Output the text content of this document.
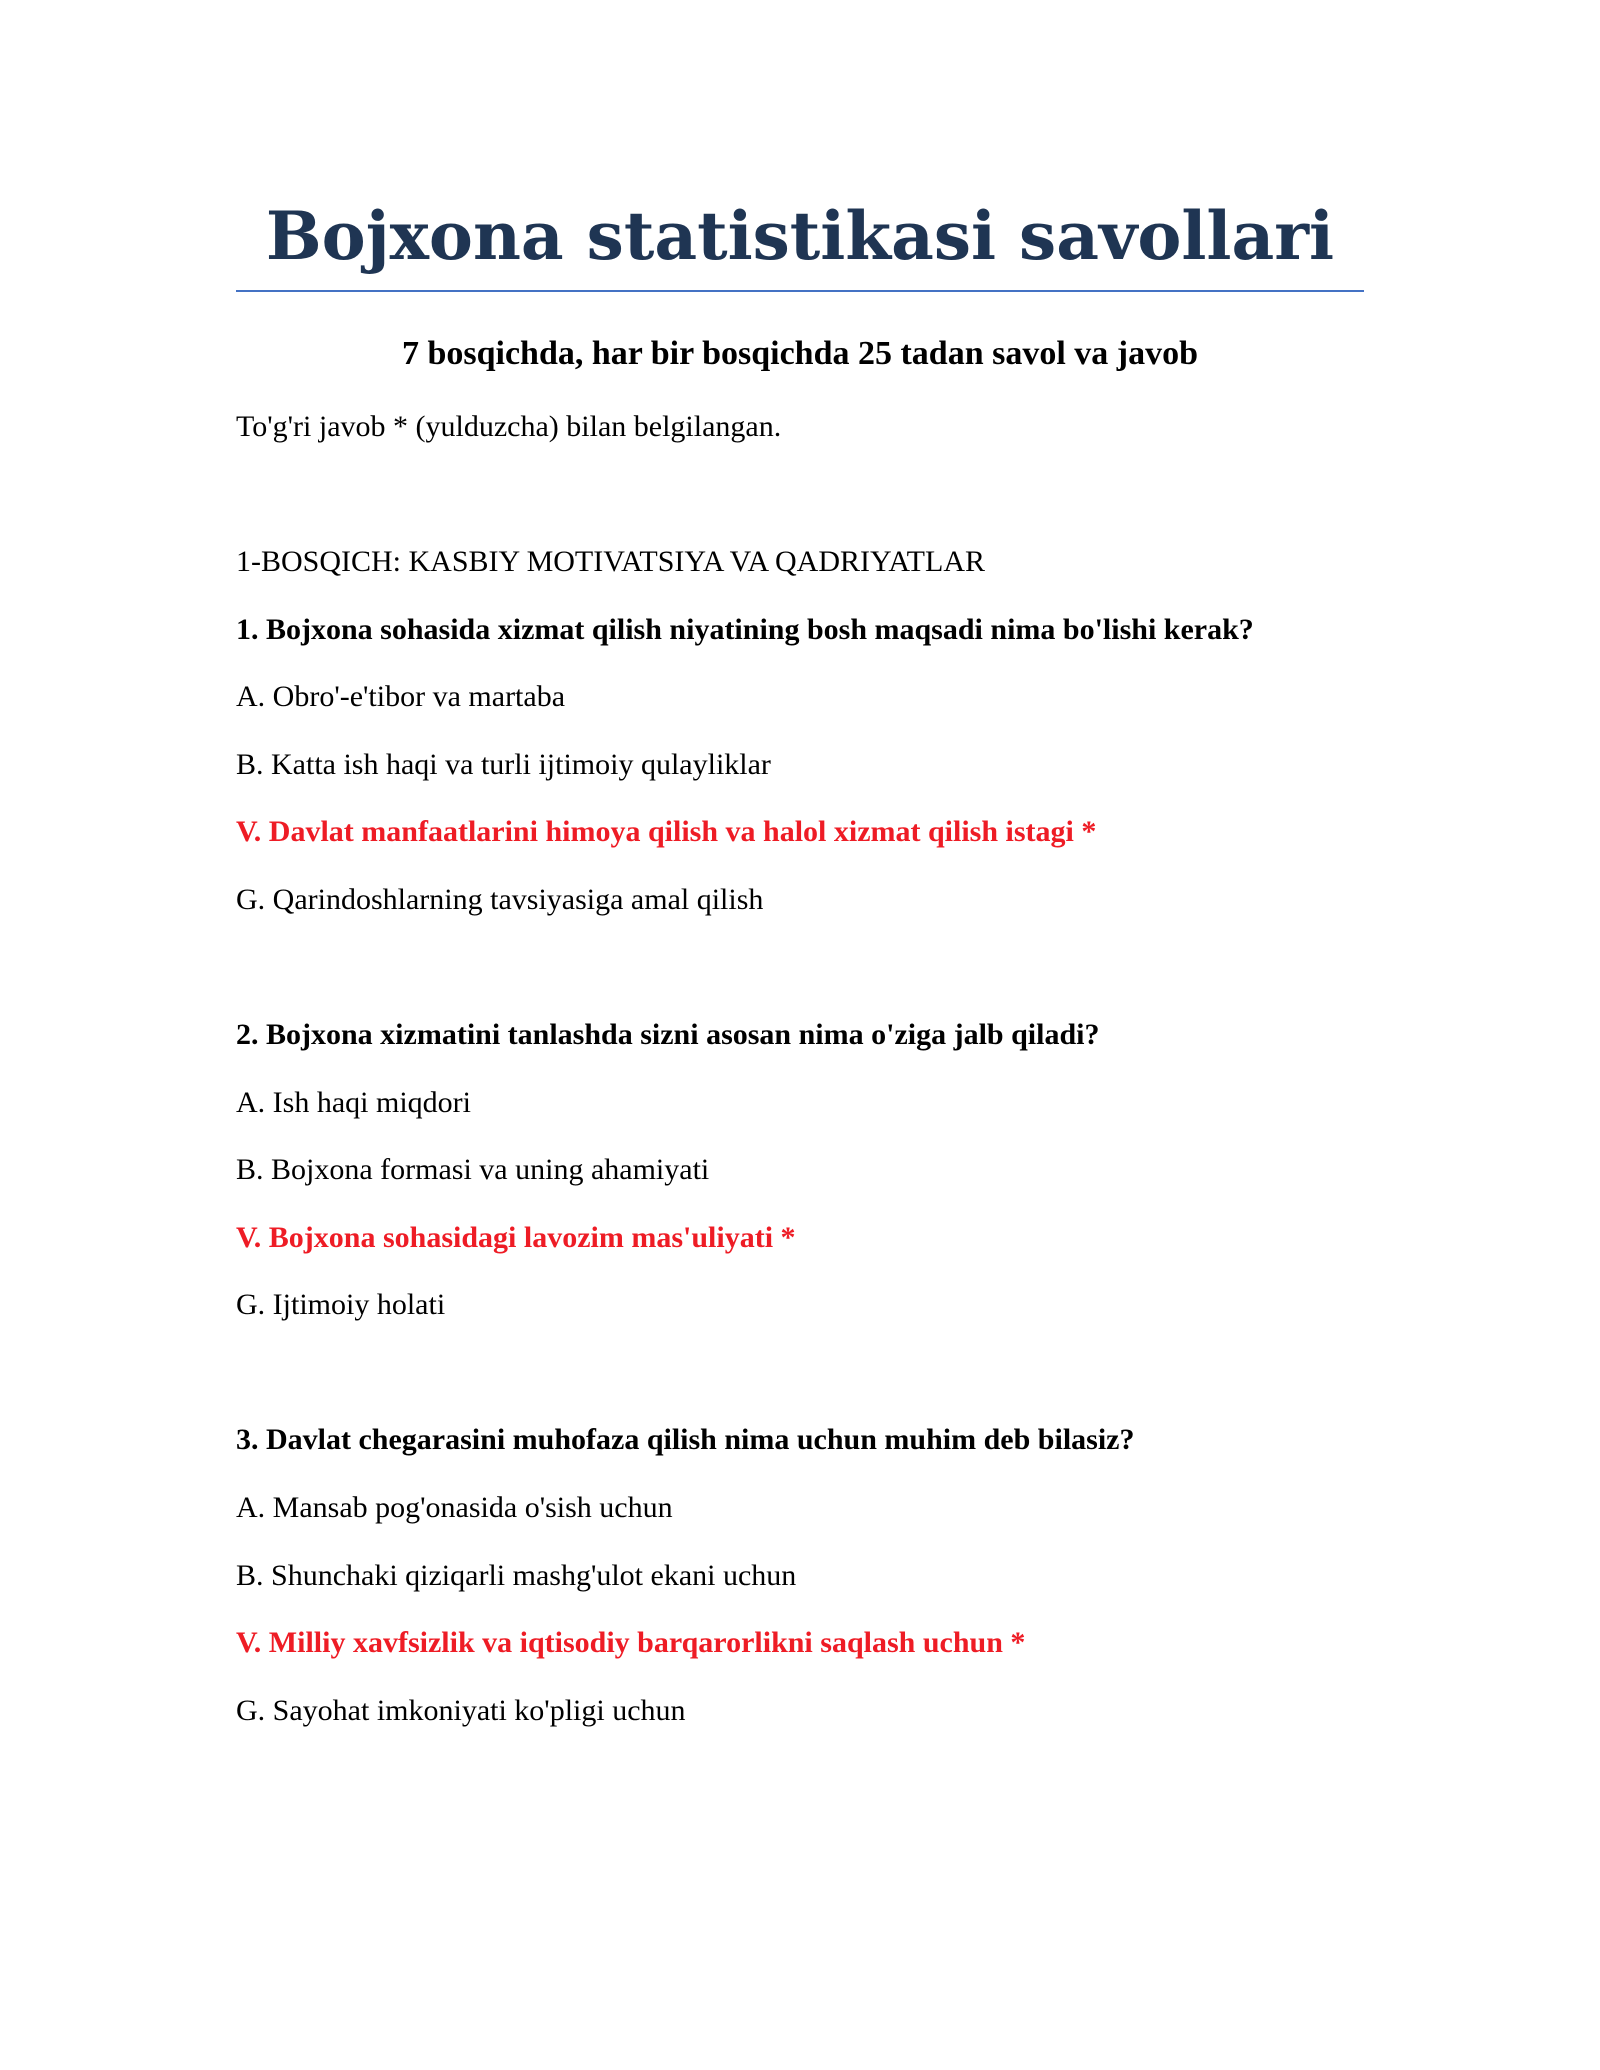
Bojxona statistikasi savollari
7 bosqichda, har bir bosqichda 25 tadan savol va javob

To'g'ri javob * (yulduzcha) bilan belgilangan.

1-BOSQICH: KASBIY MOTIVATSIYA VA QADRIYATLAR

1. Bojxona sohasida xizmat qilish niyatining bosh maqsadi nima bo'lishi kerak?

A. Obro'-e'tibor va martaba

B. Katta ish haqi va turli ijtimoiy qulayliklar

V. Davlat manfaatlarini himoya qilish va halol xizmat qilish istagi *

G. Qarindoshlarning tavsiyasiga amal qilish

2. Bojxona xizmatini tanlashda sizni asosan nima o'ziga jalb qiladi?

A. Ish haqi miqdori

B. Bojxona formasi va uning ahamiyati

V. Bojxona sohasidagi lavozim mas'uliyati *

G. Ijtimoiy holati

3. Davlat chegarasini muhofaza qilish nima uchun muhim deb bilasiz?

A. Mansab pog'onasida o'sish uchun

B. Shunchaki qiziqarli mashg'ulot ekani uchun

V. Milliy xavfsizlik va iqtisodiy barqarorlikni saqlash uchun *

G. Sayohat imkoniyati ko'pligi uchun
